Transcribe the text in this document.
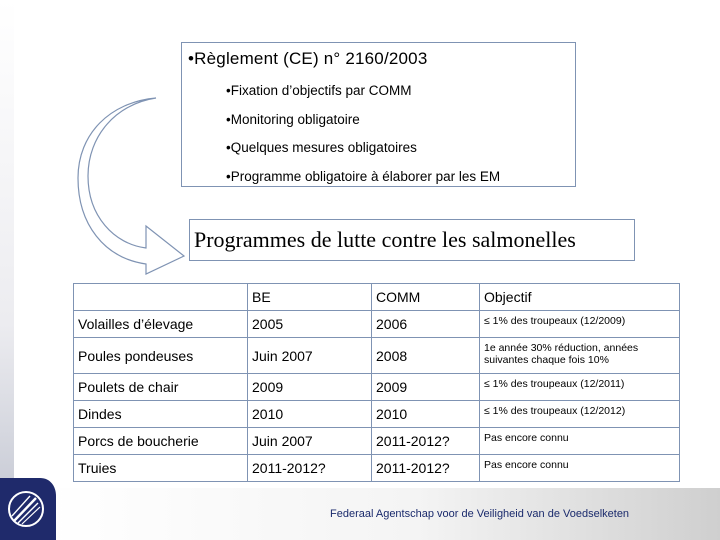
•Règlement (CE) n° 2160/2003
•Fixation d’objectifs par COMM
•Monitoring obligatoire
•Quelques mesures obligatoires
•Programme obligatoire à élaborer par les EM
Programmes de lutte contre les salmonelles
	BE	COMM	Objectif
Volailles d’élevage	2005	2006	≤ 1% des troupeaux (12/2009)
Poules pondeuses	Juin 2007	2008	1e année 30% réduction, années suivantes chaque fois 10%
Poulets de chair	2009	2009	≤ 1% des troupeaux (12/2011)
Dindes	2010	2010	≤ 1% des troupeaux (12/2012)
Porcs de boucherie	Juin 2007	2011-2012?	Pas encore connu
Truies	2011-2012?	2011-2012?	Pas encore connu
Federaal Agentschap voor de Veiligheid van de Voedselketen
